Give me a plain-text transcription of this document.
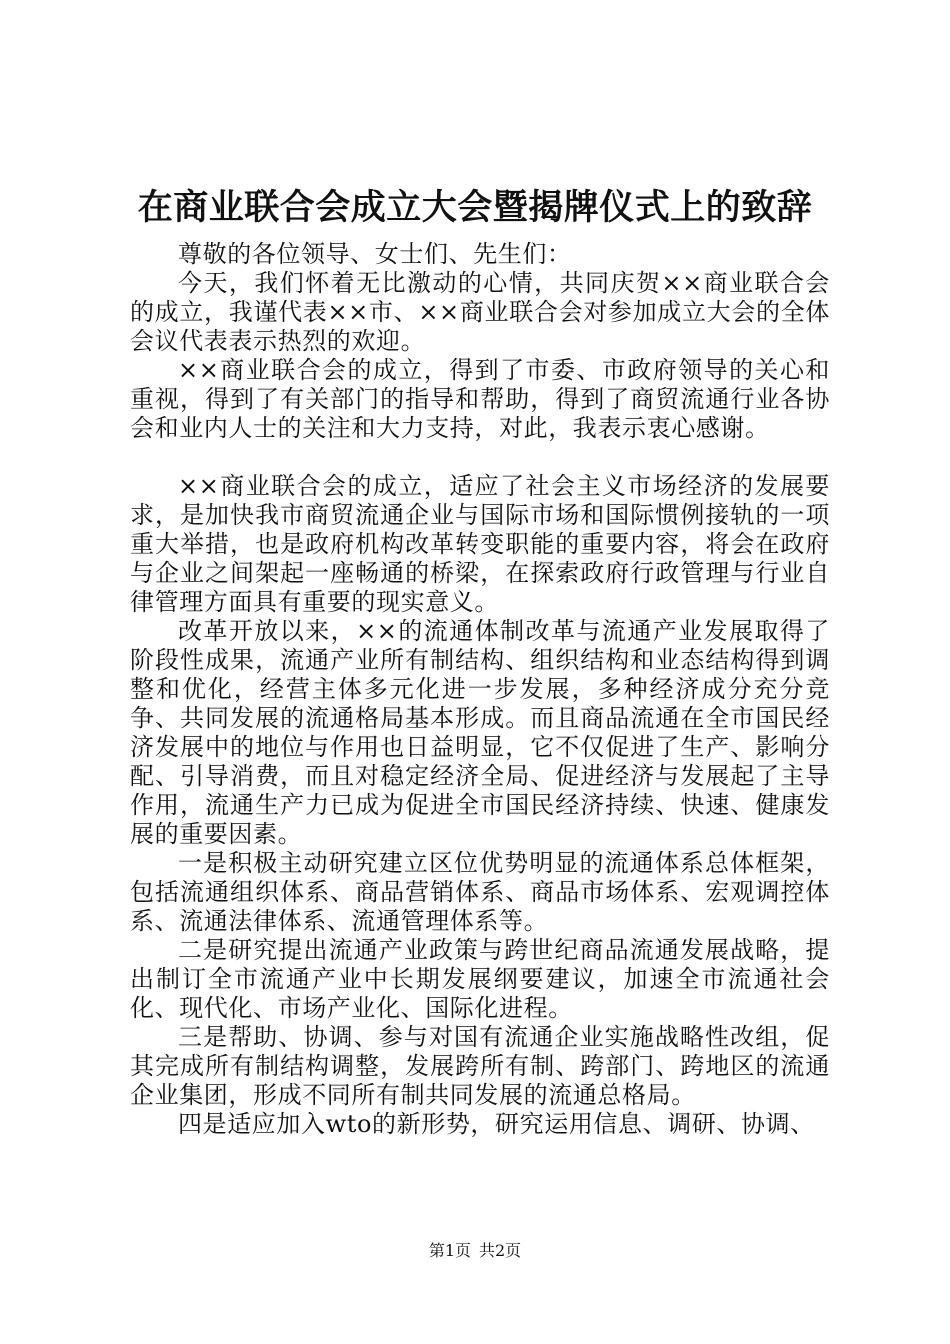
在商业联合会成立大会暨揭牌仪式上的致辞

尊敬的各位领导、女士们、先生们：

今天，我们怀着无比激动的心情，共同庆贺××商业联合会的成立，我谨代表××市、××商业联合会对参加成立大会的全体会议代表表示热烈的欢迎。

××商业联合会的成立，得到了市委、市政府领导的关心和重视，得到了有关部门的指导和帮助，得到了商贸流通行业各协会和业内人士的关注和大力支持，对此，我表示衷心感谢。

××商业联合会的成立，适应了社会主义市场经济的发展要求，是加快我市商贸流通企业与国际市场和国际惯例接轨的一项重大举措，也是政府机构改革转变职能的重要内容，将会在政府与企业之间架起一座畅通的桥梁，在探索政府行政管理与行业自律管理方面具有重要的现实意义。

改革开放以来，××的流通体制改革与流通产业发展取得了阶段性成果，流通产业所有制结构、组织结构和业态结构得到调整和优化，经营主体多元化进一步发展，多种经济成分充分竞争、共同发展的流通格局基本形成。而且商品流通在全市国民经济发展中的地位与作用也日益明显，它不仅促进了生产、影响分配、引导消费，而且对稳定经济全局、促进经济与发展起了主导作用，流通生产力已成为促进全市国民经济持续、快速、健康发展的重要因素。

一是积极主动研究建立区位优势明显的流通体系总体框架，包括流通组织体系、商品营销体系、商品市场体系、宏观调控体系、流通法律体系、流通管理体系等。

二是研究提出流通产业政策与跨世纪商品流通发展战略，提出制订全市流通产业中长期发展纲要建议，加速全市流通社会化、现代化、市场产业化、国际化进程。

三是帮助、协调、参与对国有流通企业实施战略性改组，促其完成所有制结构调整，发展跨所有制、跨部门、跨地区的流通企业集团，形成不同所有制共同发展的流通总格局。

四是适应加入wto的新形势，研究运用信息、调研、协调、

第1页 共2页
